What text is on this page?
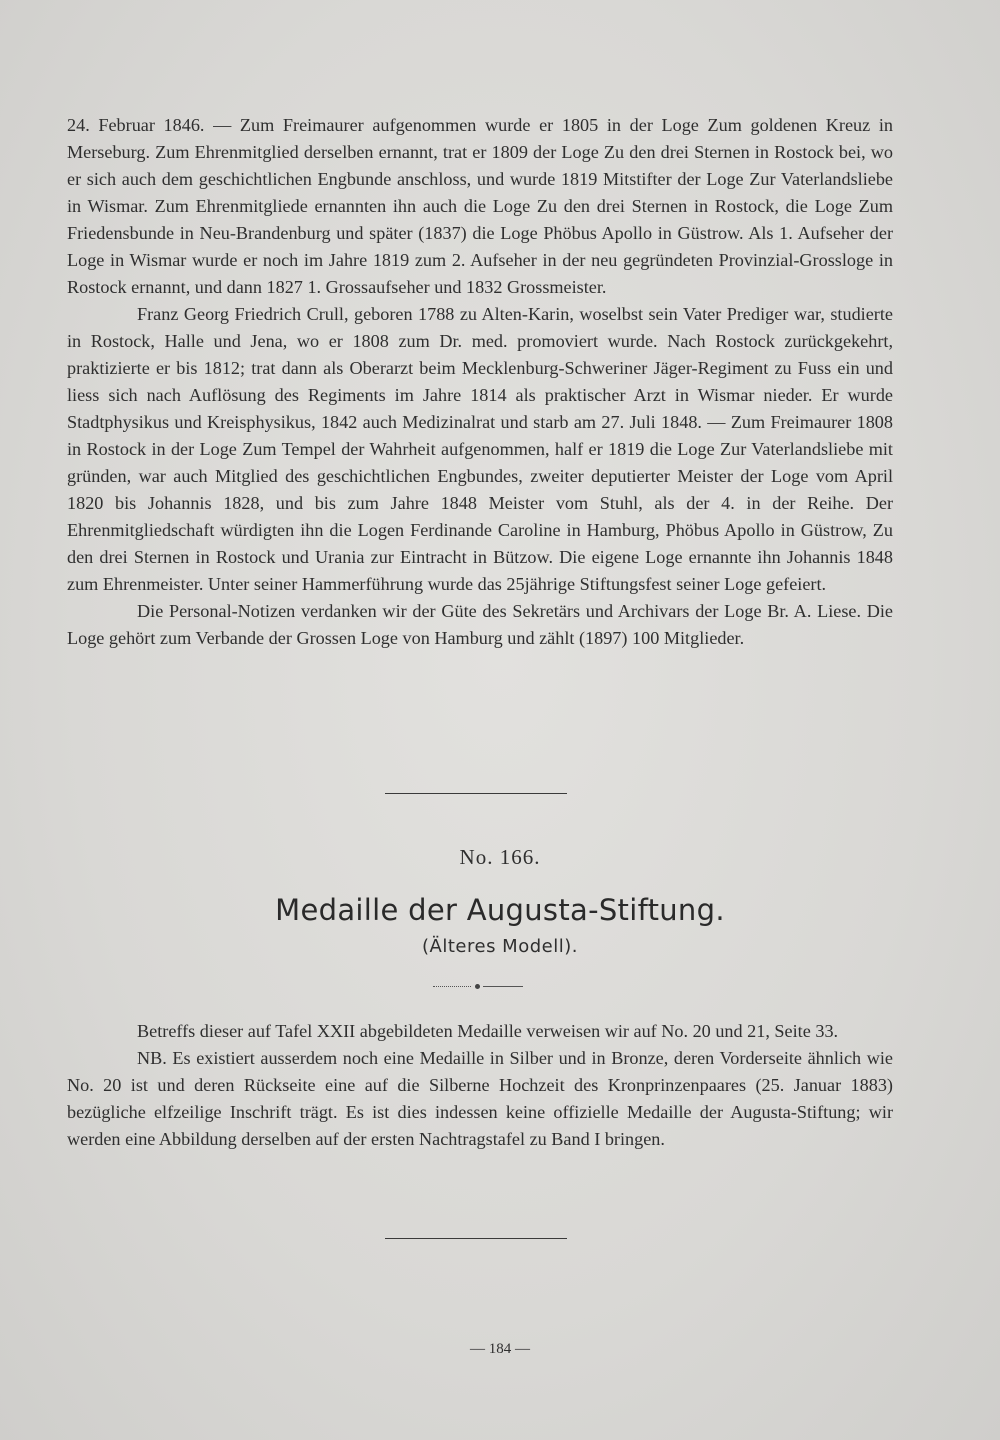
24. Februar 1846. — Zum Freimaurer aufgenommen wurde er 1805 in der Loge Zum goldenen Kreuz in Merseburg. Zum Ehrenmitglied derselben ernannt, trat er 1809 der Loge Zu den drei Sternen in Rostock bei, wo er sich auch dem geschichtlichen Engbunde anschloss, und wurde 1819 Mitstifter der Loge Zur Vaterlandsliebe in Wismar. Zum Ehrenmitgliede ernannten ihn auch die Loge Zu den drei Sternen in Rostock, die Loge Zum Friedensbunde in Neu-Brandenburg und später (1837) die Loge Phöbus Apollo in Güstrow. Als 1. Aufseher der Loge in Wismar wurde er noch im Jahre 1819 zum 2. Aufseher in der neu gegründeten Provinzial-Grossloge in Rostock ernannt, und dann 1827 1. Grossaufseher und 1832 Grossmeister.

Franz Georg Friedrich Crull, geboren 1788 zu Alten-Karin, woselbst sein Vater Prediger war, studierte in Rostock, Halle und Jena, wo er 1808 zum Dr. med. promoviert wurde. Nach Rostock zurückgekehrt, praktizierte er bis 1812; trat dann als Oberarzt beim Mecklenburg-Schweriner Jäger-Regiment zu Fuss ein und liess sich nach Auflösung des Regiments im Jahre 1814 als praktischer Arzt in Wismar nieder. Er wurde Stadtphysikus und Kreisphysikus, 1842 auch Medizinalrat und starb am 27. Juli 1848. — Zum Freimaurer 1808 in Rostock in der Loge Zum Tempel der Wahrheit aufgenommen, half er 1819 die Loge Zur Vaterlandsliebe mit gründen, war auch Mitglied des geschichtlichen Engbundes, zweiter deputierter Meister der Loge vom April 1820 bis Johannis 1828, und bis zum Jahre 1848 Meister vom Stuhl, als der 4. in der Reihe. Der Ehrenmitgliedschaft würdigten ihn die Logen Ferdinande Caroline in Hamburg, Phöbus Apollo in Güstrow, Zu den drei Sternen in Rostock und Urania zur Eintracht in Bützow. Die eigene Loge ernannte ihn Johannis 1848 zum Ehrenmeister. Unter seiner Hammerführung wurde das 25jährige Stiftungsfest seiner Loge gefeiert.

Die Personal-Notizen verdanken wir der Güte des Sekretärs und Archivars der Loge Br. A. Liese. Die Loge gehört zum Verbande der Grossen Loge von Hamburg und zählt (1897) 100 Mitglieder.

No. 166.
Medaille der Augusta-Stiftung.
(Älteres Modell).

Betreffs dieser auf Tafel XXII abgebildeten Medaille verweisen wir auf No. 20 und 21, Seite 33.

NB. Es existiert ausserdem noch eine Medaille in Silber und in Bronze, deren Vorderseite ähnlich wie No. 20 ist und deren Rückseite eine auf die Silberne Hochzeit des Kronprinzenpaares (25. Januar 1883) bezügliche elfzeilige Inschrift trägt. Es ist dies indessen keine offizielle Medaille der Augusta-Stiftung; wir werden eine Abbildung derselben auf der ersten Nachtragstafel zu Band I bringen.

— 184 —
